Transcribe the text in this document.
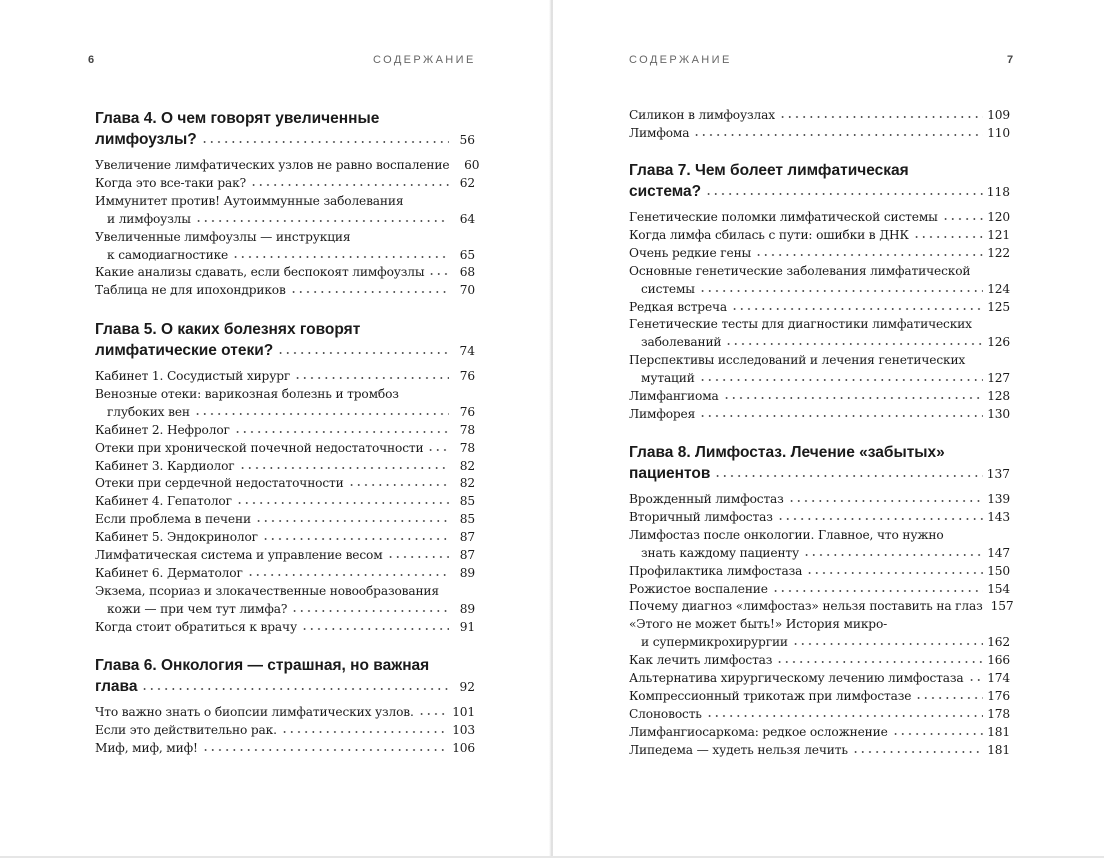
6	СОДЕРЖАНИЕ
Глава 4. О чем говорят увеличенные
лимфоузлы?	56
Увеличение лимфатических узлов не равно воспаление	60
Когда это все-таки рак?	62
Иммунитет против! Аутоиммунные заболевания
и лимфоузлы	64
Увеличенные лимфоузлы — инструкция
к самодиагностике	65
Какие анализы сдавать, если беспокоят лимфоузлы	68
Таблица не для ипохондриков	70
Глава 5. О каких болезнях говорят
лимфатические отеки?	74
Кабинет 1. Сосудистый хирург	76
Венозные отеки: варикозная болезнь и тромбоз
глубоких вен	76
Кабинет 2. Нефролог	78
Отеки при хронической почечной недостаточности	78
Кабинет 3. Кардиолог	82
Отеки при сердечной недостаточности	82
Кабинет 4. Гепатолог	85
Если проблема в печени	85
Кабинет 5. Эндокринолог	87
Лимфатическая система и управление весом	87
Кабинет 6. Дерматолог	89
Экзема, псориаз и злокачественные новообразования
кожи — при чем тут лимфа?	89
Когда стоит обратиться к врачу	91
Глава 6. Онкология — страшная, но важная
глава	92
Что важно знать о биопсии лимфатических узлов.	101
Если это действительно рак.	103
Миф, миф, миф!	106
7
СОДЕРЖАНИЕ
Силикон в лимфоузлах	109
Лимфома	110
Глава 7. Чем болеет лимфатическая
система?	118
Генетические поломки лимфатической системы	120
Когда лимфа сбилась с пути: ошибки в ДНК	121
Очень редкие гены	122
Основные генетические заболевания лимфатической
системы	124
Редкая встреча	125
Генетические тесты для диагностики лимфатических
заболеваний	126
Перспективы исследований и лечения генетических
мутаций	127
Лимфангиома	128
Лимфорея	130
Глава 8. Лимфостаз. Лечение «забытых»
пациентов	137
Врожденный лимфостаз	139
Вторичный лимфостаз	143
Лимфостаз после онкологии. Главное, что нужно
знать каждому пациенту	147
Профилактика лимфостаза	150
Рожистое воспаление	154
Почему диагноз «лимфостаз» нельзя поставить на глаз 157
«Этого не может быть!» История микро-
и супермикрохирургии	162
Как лечить лимфостаз	166
Альтернатива хирургическому лечению лимфостаза 174
Компрессионный трикотаж при лимфостазе	176
Слоновость	178
Лимфангиосаркома: редкое осложнение	181
Липедема — худеть нельзя лечить	181
